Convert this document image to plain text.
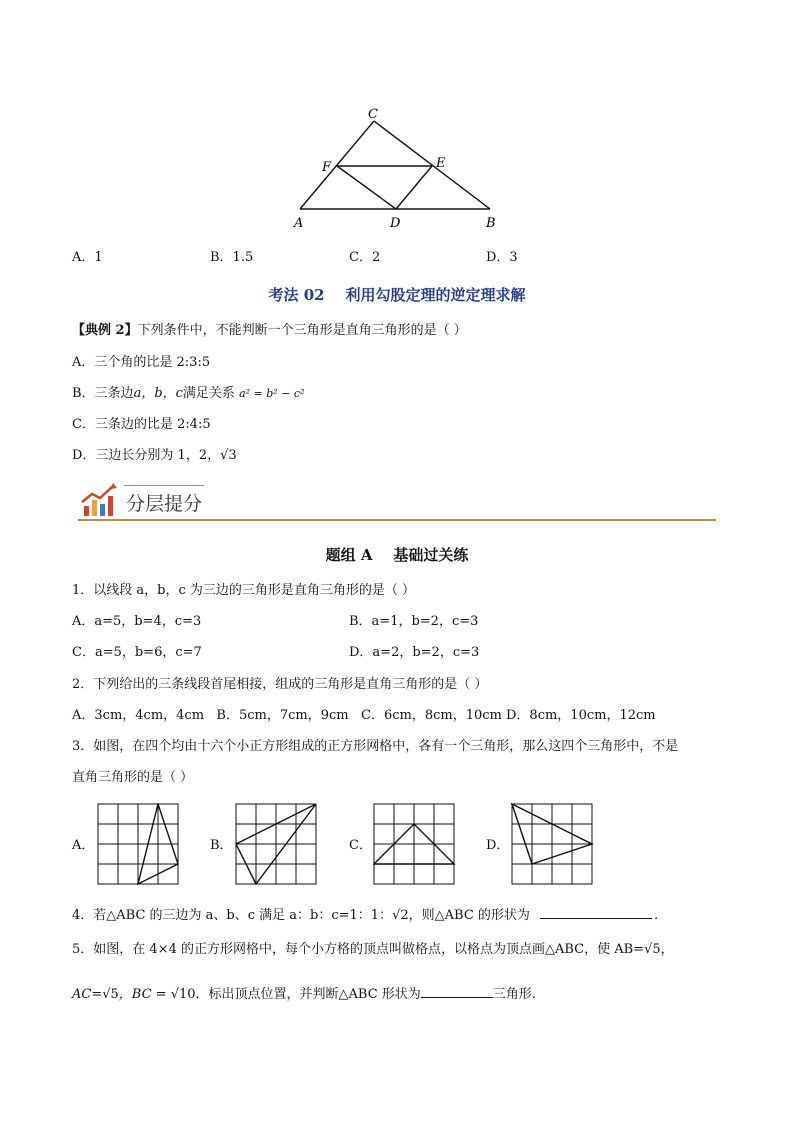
C
F	E
A	D	B
A．1	B．1.5	C．2	D．3
考法 02    利用勾股定理的逆定理求解
【典例 2】下列条件中，不能判断一个三角形是直角三角形的是（ ）
A．三个角的比是 2:3:5
B．三条边a，b，c满足关系 a² = b² − c²
C．三条边的比是 2:4:5
D．三边长分别为 1，2，√3
分层提分
题组 A    基础过关练
1．以线段 a，b，c 为三边的三角形是直角三角形的是（ ）
A．a=5，b=4，c=3	B．a=1，b=2，c=3
C．a=5，b=6，c=7	D．a=2，b=2，c=3
2．下列给出的三条线段首尾相接，组成的三角形是直角三角形的是（ ）
A．3cm，4cm，4cm   B．5cm，7cm，9cm   C．6cm，8cm，10cm D．8cm，10cm，12cm
3．如图，在四个均由十六个小正方形组成的正方形网格中，各有一个三角形，那么这四个三角形中，不是
直角三角形的是（ ）
A．	B．	C．	D．
4．若△ABC 的三边为 a、b、c 满足 a：b：c=1：1：√2，则△ABC 的形状为	.
5．如图，在 4×4 的正方形网格中，每个小方格的顶点叫做格点，以格点为顶点画△ABC，使 AB=√5，
AC=√5，BC = √10．标出顶点位置，并判断△ABC 形状为	三角形.
